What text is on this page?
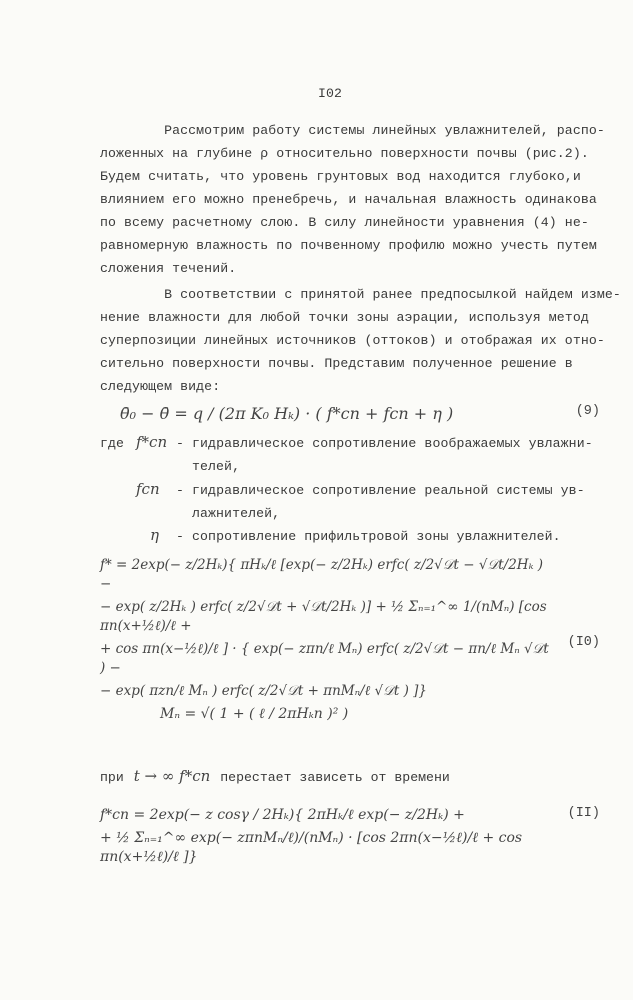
I02
Рассмотрим работу системы линейных увлажнителей, распо-
ложенных на глубине ρ относительно поверхности почвы (рис.2).
Будем считать, что уровень грунтовых вод находится глубоко,и
влиянием его можно пренебречь, и начальная влажность одинакова
по всему расчетному слою. В силу линейности уравнения (4) не-
равномерную влажность по почвенному профилю можно учесть путем
сложения течений.
В соответствии с принятой ранее предпосылкой найдем изме-
нение влажности для любой точки зоны аэрации, используя метод
суперпозиции линейных источников (оттоков) и отображая их отно-
сительно поверхности почвы. Представим полученное решение в
следующем виде:
θ̄₀ − θ̄ = q / (2π K₀ Hₖ) · ( f*сп + fсп + η )	(9)
где f*сп - гидравлическое сопротивление воображаемых увлажни-
телей,
fсп - гидравлическое сопротивление реальной системы ув-
лажнителей,
η - сопротивление прифильтровой зоны увлажнителей.
f* = 2exp(− z/2Hₖ){ πHₖ/ℓ [exp(− z/2Hₖ) erfc( z/2√𝒟t − √𝒟t/2Hₖ ) −
− exp( z/2Hₖ ) erfc( z/2√𝒟t + √𝒟t/2Hₖ )] + ½ Σₙ₌₁^∞ 1/(nMₙ) [cos πn(x+½ℓ)/ℓ +
+ cos πn(x−½ℓ)/ℓ ] · { exp(− zπn/ℓ Mₙ) erfc( z/2√𝒟t − πn/ℓ Mₙ √𝒟t ) −
− exp( πzn/ℓ Mₙ ) erfc( z/2√𝒟t + πnMₙ/ℓ √𝒟t ) ]}
Mₙ = √( 1 + ( ℓ / 2πHₖn )² )
(I0)
при t → ∞ f*сп перестает зависеть от времени
f*сп = 2exp(− z cosγ / 2Hₖ){ 2πHₖ/ℓ exp(− z/2Hₖ) +
+ ½ Σₙ₌₁^∞ exp(− zπnMₙ/ℓ)/(nMₙ) · [cos 2πn(x−½ℓ)/ℓ + cos πn(x+½ℓ)/ℓ ]}
(II)
